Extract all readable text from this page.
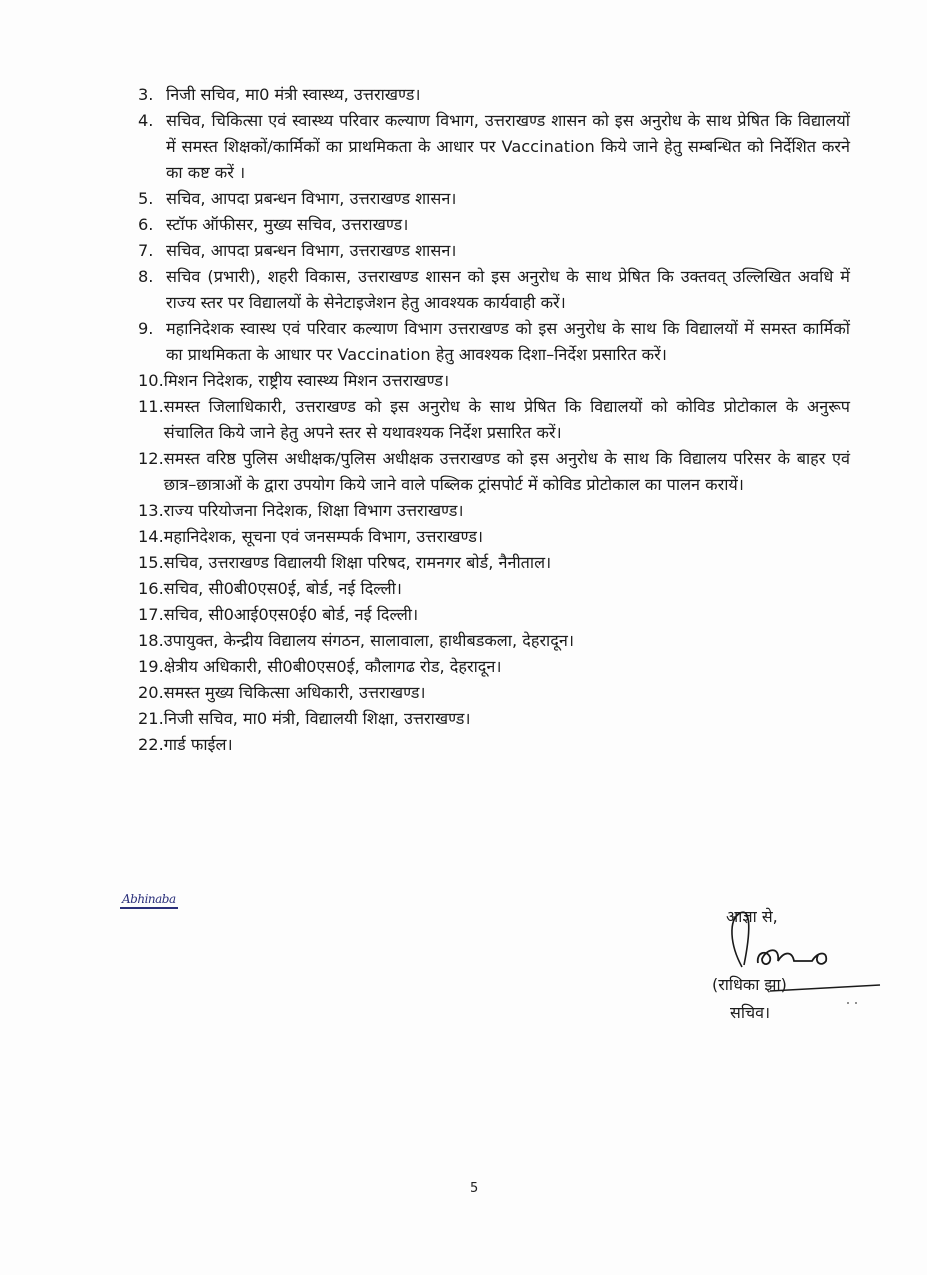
3. निजी सचिव, मा0 मंत्री स्वास्थ्य, उत्तराखण्ड।
4. सचिव, चिकित्सा एवं स्वास्थ्य परिवार कल्याण विभाग, उत्तराखण्ड शासन को इस अनुरोध के साथ प्रेषित कि विद्यालयों में समस्त शिक्षकों/कार्मिकों का प्राथमिकता के आधार पर Vaccination किये जाने हेतु सम्बन्धित को निर्देशित करने का कष्ट करें ।
5. सचिव, आपदा प्रबन्धन विभाग, उत्तराखण्ड शासन।
6. स्टॉफ ऑफीसर, मुख्य सचिव, उत्तराखण्ड।
7. सचिव, आपदा प्रबन्धन विभाग, उत्तराखण्ड शासन।
8. सचिव (प्रभारी), शहरी विकास, उत्तराखण्ड शासन को इस अनुरोध के साथ प्रेषित कि उक्तवत् उल्लिखित अवधि में राज्य स्तर पर विद्यालयों के सेनेटाइजेशन हेतु आवश्यक कार्यवाही करें।
9. महानिदेशक स्वास्थ एवं परिवार कल्याण विभाग उत्तराखण्ड को इस अनुरोध के साथ कि विद्यालयों में समस्त कार्मिकों का प्राथमिकता के आधार पर Vaccination हेतु आवश्यक दिशा–निर्देश प्रसारित करें।
10. मिशन निदेशक, राष्ट्रीय स्वास्थ्य मिशन उत्तराखण्ड।
11. समस्त जिलाधिकारी, उत्तराखण्ड को इस अनुरोध के साथ प्रेषित कि विद्यालयों को कोविड प्रोटोकाल के अनुरूप संचालित किये जाने हेतु अपने स्तर से यथावश्यक निर्देश प्रसारित करें।
12. समस्त वरिष्ठ पुलिस अधीक्षक/पुलिस अधीक्षक उत्तराखण्ड को इस अनुरोध के साथ कि विद्यालय परिसर के बाहर एवं छात्र–छात्राओं के द्वारा उपयोग किये जाने वाले पब्लिक ट्रांसपोर्ट में कोविड प्रोटोकाल का पालन करायें।
13. राज्य परियोजना निदेशक, शिक्षा विभाग उत्तराखण्ड।
14. महानिदेशक, सूचना एवं जनसम्पर्क विभाग, उत्तराखण्ड।
15. सचिव, उत्तराखण्ड विद्यालयी शिक्षा परिषद, रामनगर बोर्ड, नैनीताल।
16. सचिव, सी0बी0एस0ई, बोर्ड, नई दिल्ली।
17. सचिव, सी0आई0एस0ई0 बोर्ड, नई दिल्ली।
18. उपायुक्त, केन्द्रीय विद्यालय संगठन, सालावाला, हाथीबडकला, देहरादून।
19. क्षेत्रीय अधिकारी, सी0बी0एस0ई, कौलागढ रोड, देहरादून।
20. समस्त मुख्य चिकित्सा अधिकारी, उत्तराखण्ड।
21. निजी सचिव, मा0 मंत्री, विद्यालयी शिक्षा, उत्तराखण्ड।
22. गार्ड फाईल।
Abhinaba
आज्ञा से,
(राधिका झा)
सचिव।
5
